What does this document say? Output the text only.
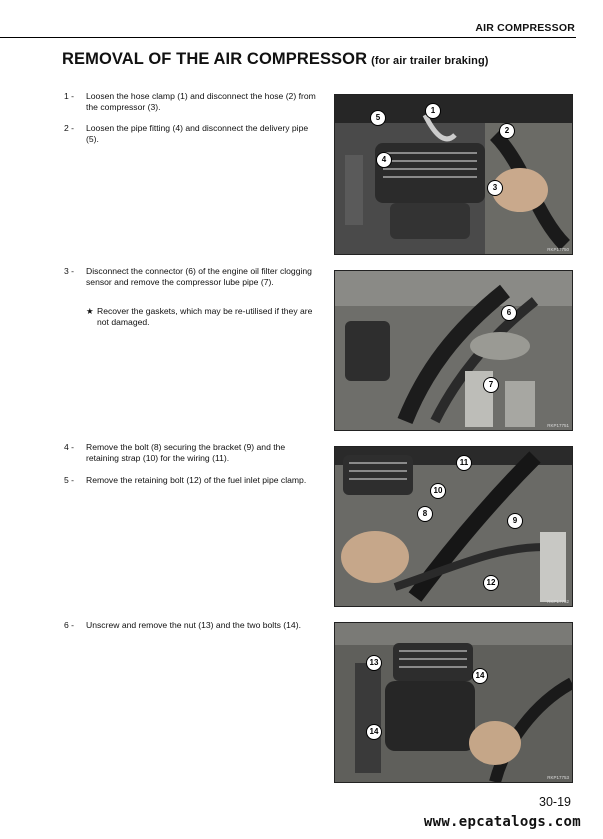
AIR COMPRESSOR
REMOVAL OF THE AIR COMPRESSOR (for air trailer braking)
1 -	Loosen the hose clamp (1) and disconnect the hose (2) from the compressor (3).
2 -	Loosen the pipe fitting (4) and disconnect the delivery pipe (5).
3 -	Disconnect the connector (6) of the engine oil filter clogging sensor and remove the compressor lube pipe (7).
★ Recover the gaskets, which may be re-utilised if they are not damaged.
4 -	Remove the bolt (8) securing the bracket (9) and the retaining strap (10) for the wiring (11).
5 -	Remove the retaining bolt (12) of the fuel inlet pipe clamp.
6 -	Unscrew and remove the nut (13) and the two bolts (14).
1
2
3
4
5
RKP17750
6
7
RKP17751
8
9
10
11
12
RKP17752
13
14
14
RKP17753
30-19
www.epcatalogs.com
